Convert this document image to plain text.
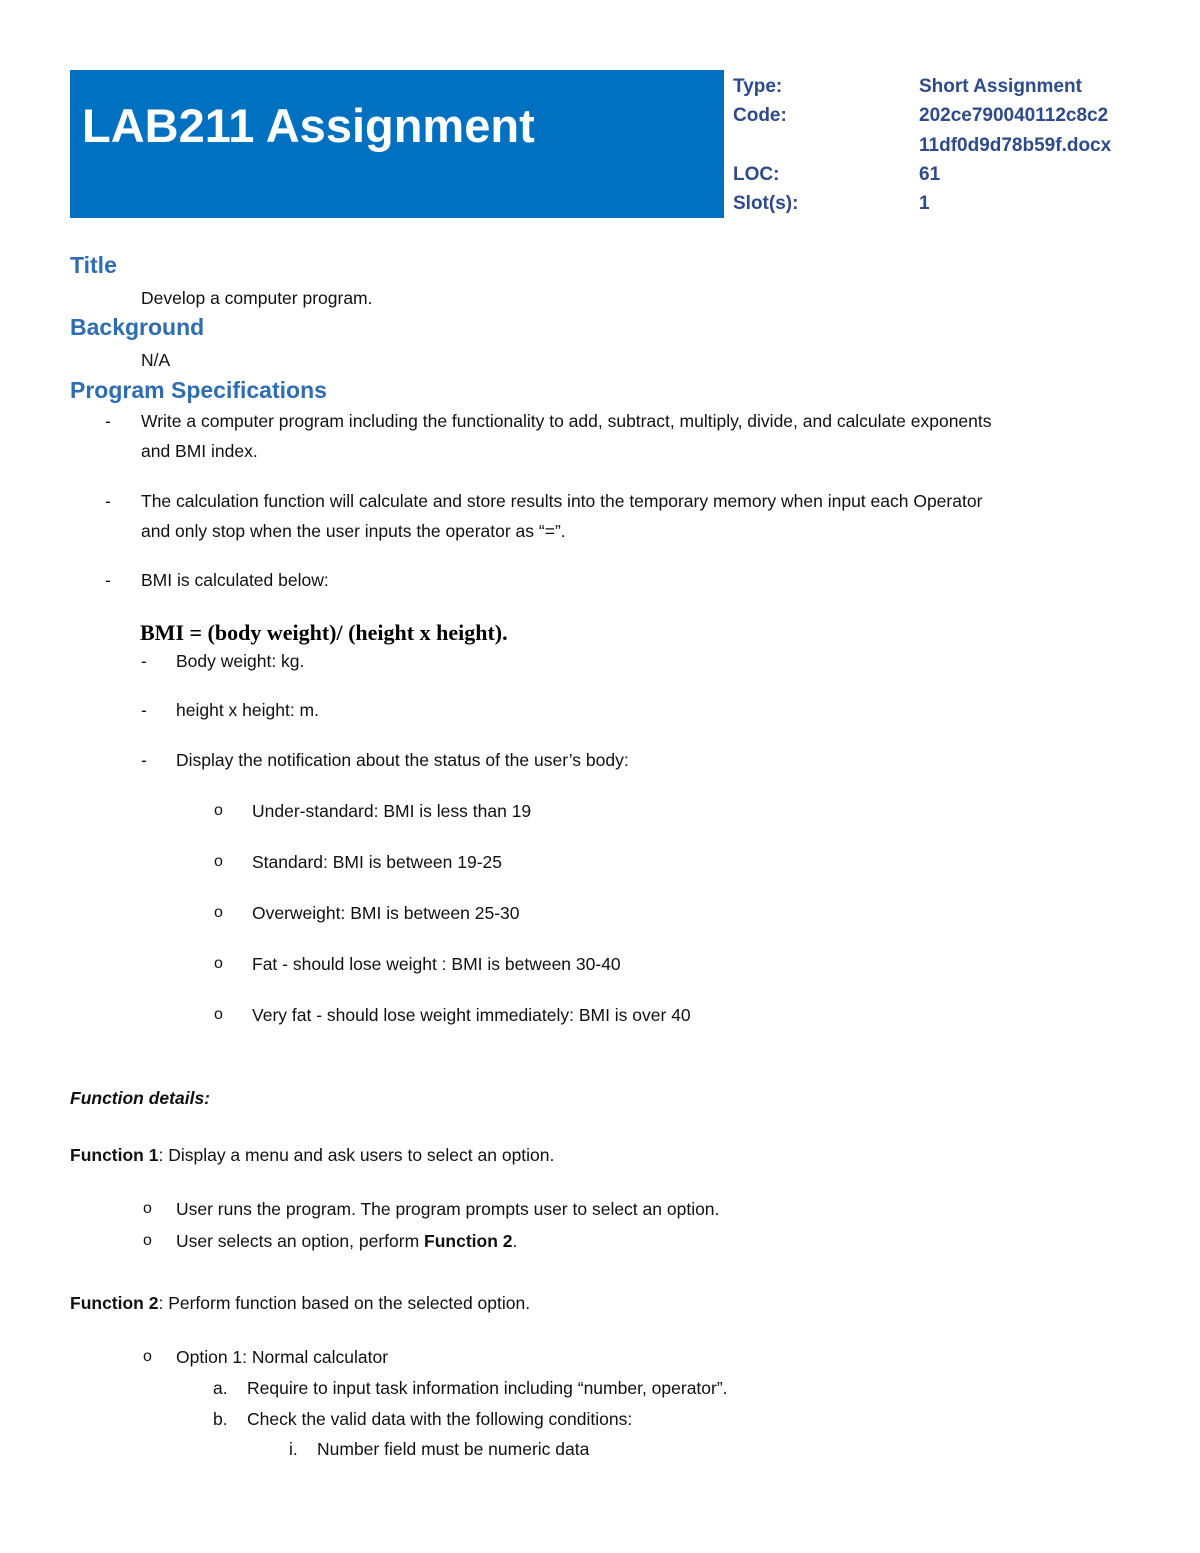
LAB211 Assignment
Type:	Short Assignment
Code:	202ce790040112c8c2
11df0d9d78b59f.docx
LOC:	61
Slot(s):	1
Title
Develop a computer program.
Background
N/A
Program Specifications
- Write a computer program including the functionality to add, subtract, multiply, divide, and calculate exponents
and BMI index.
- The calculation function will calculate and store results into the temporary memory when input each Operator
and only stop when the user inputs the operator as “=”.
- BMI is calculated below:
BMI = (body weight)/ (height x height).
- Body weight: kg.
- height x height: m.
- Display the notification about the status of the user’s body:
o Under-standard: BMI is less than 19
o Standard: BMI is between 19-25
o Overweight: BMI is between 25-30
o Fat - should lose weight : BMI is between 30-40
o Very fat - should lose weight immediately: BMI is over 40
Function details:
Function 1: Display a menu and ask users to select an option.
o User runs the program. The program prompts user to select an option.
o User selects an option, perform Function 2.
Function 2: Perform function based on the selected option.
o Option 1: Normal calculator
a. Require to input task information including “number, operator”.
b. Check the valid data with the following conditions:
i. Number field must be numeric data
